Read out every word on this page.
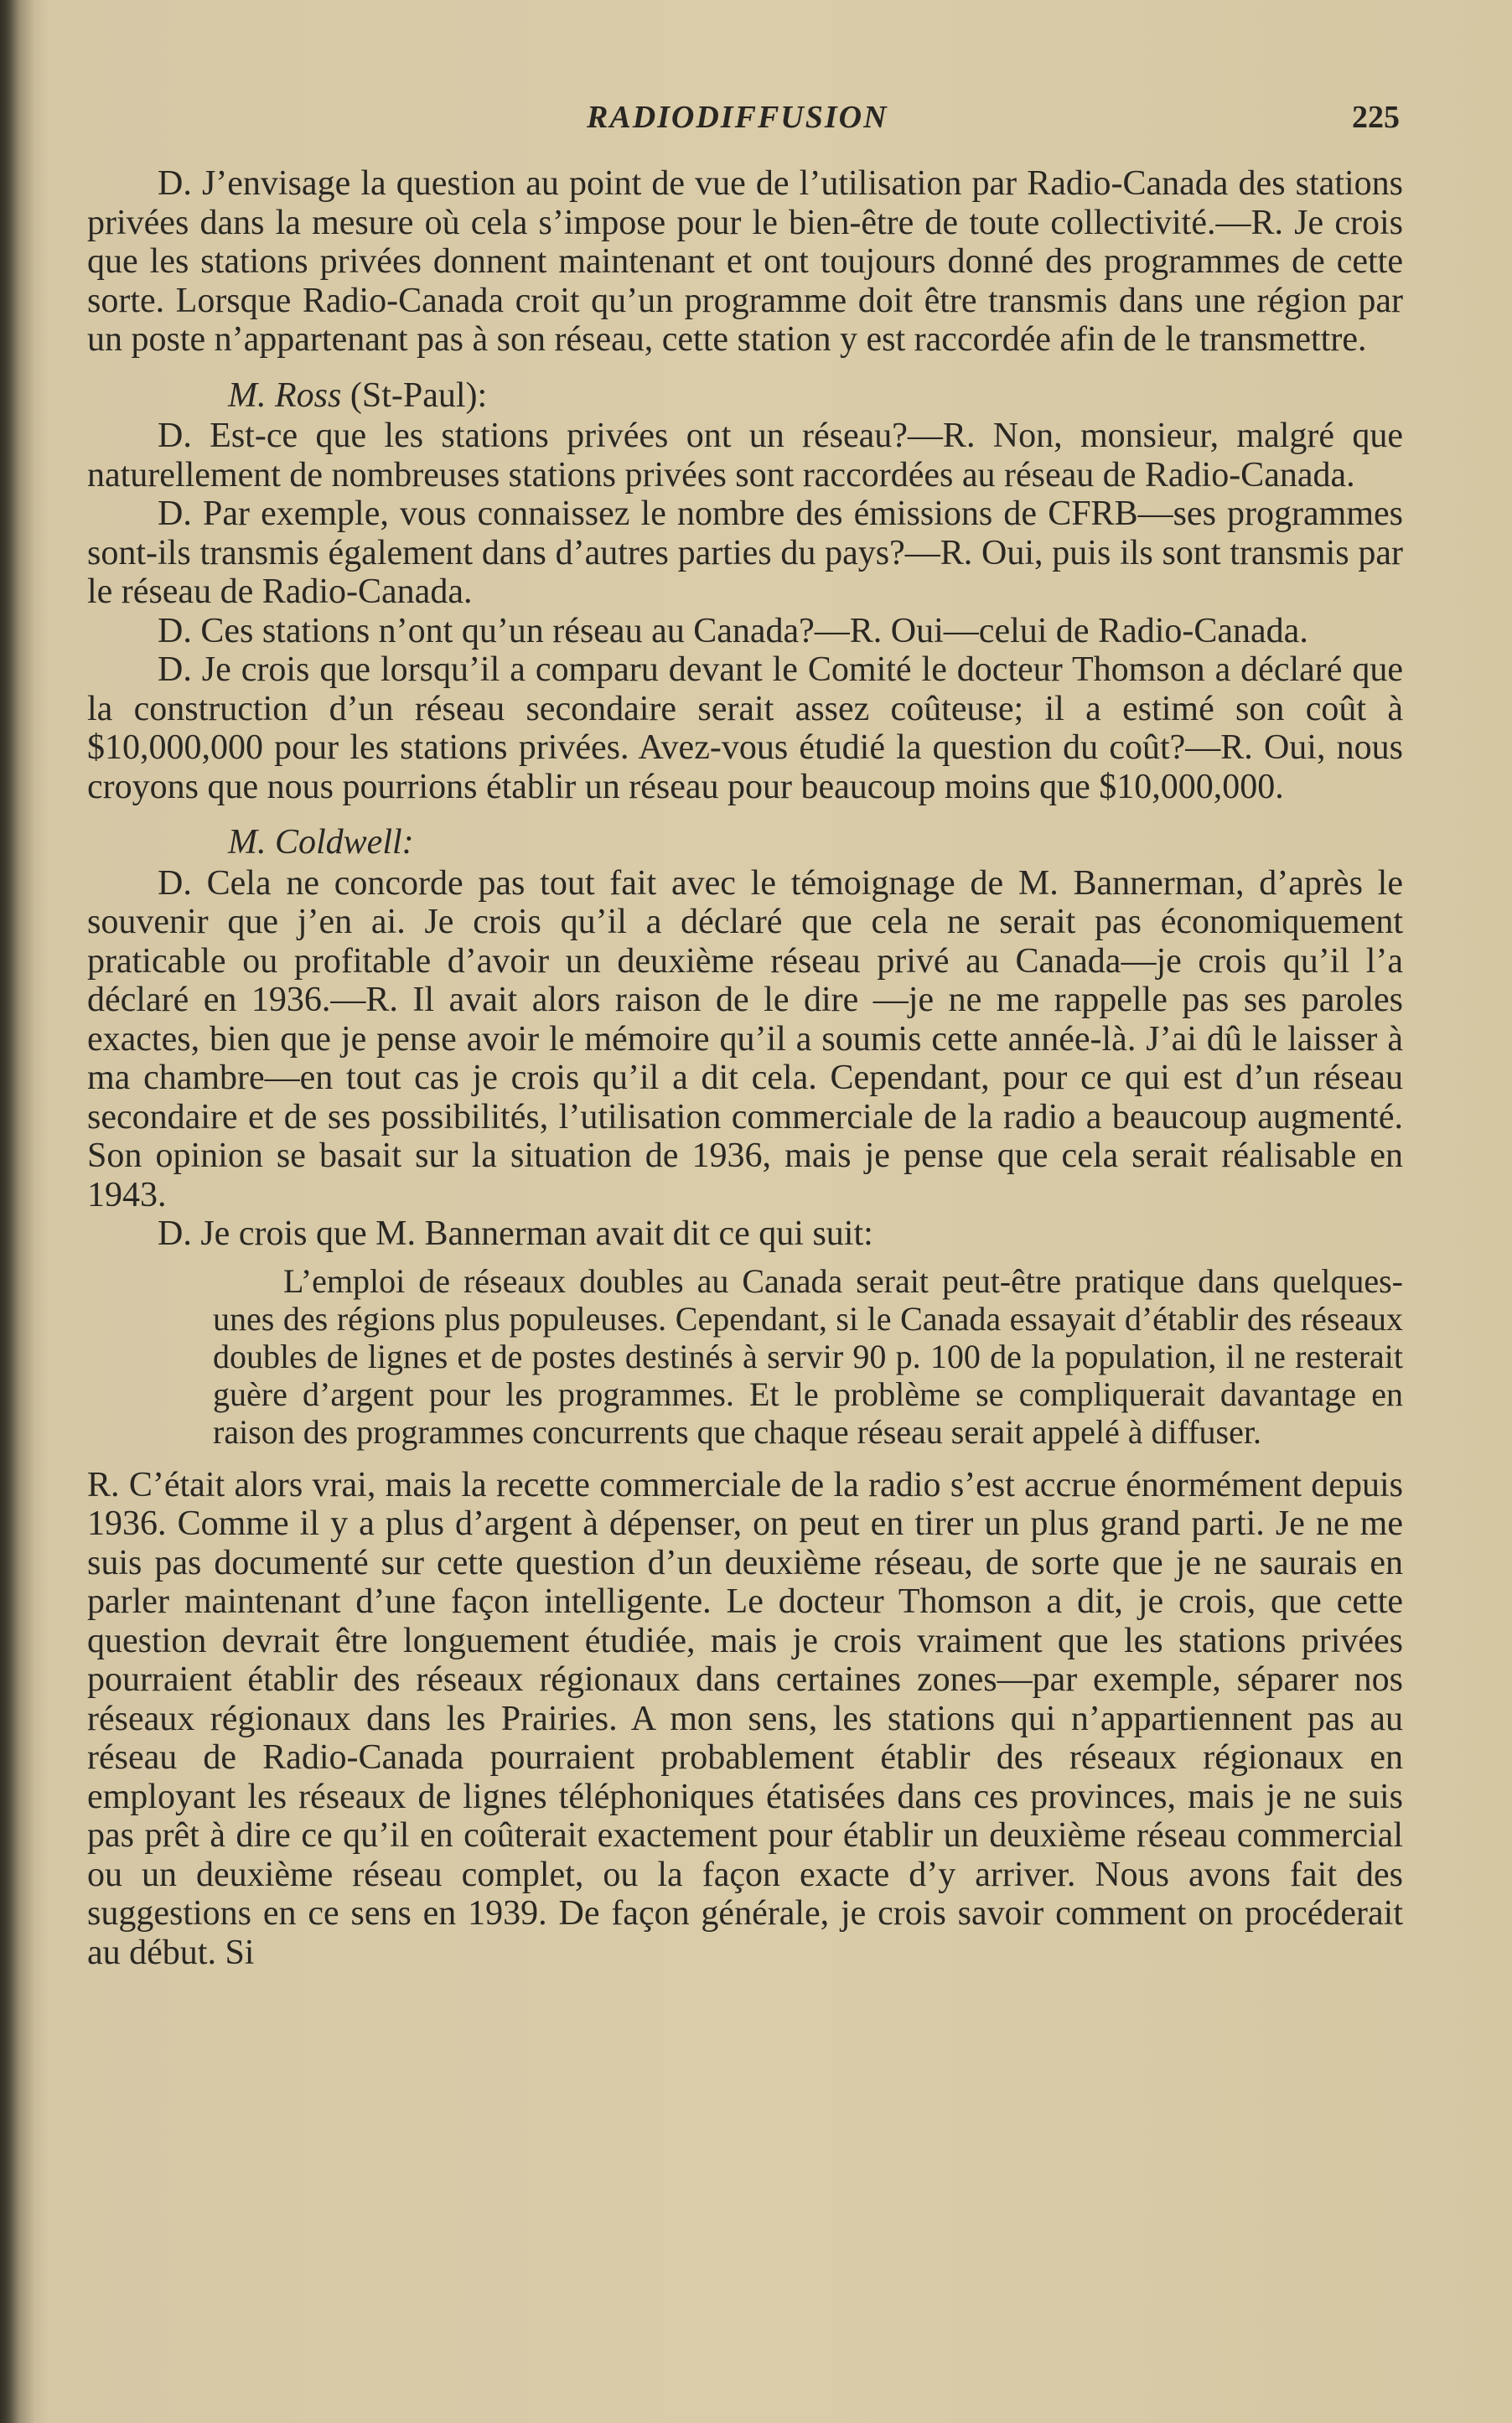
RADIODIFFUSION	225

D. J’envisage la question au point de vue de l’utilisation par Radio-Canada des stations privées dans la mesure où cela s’impose pour le bien-être de toute collectivité.—R. Je crois que les stations privées donnent maintenant et ont toujours donné des programmes de cette sorte. Lorsque Radio-Canada croit qu’un programme doit être transmis dans une région par un poste n’appartenant pas à son réseau, cette station y est raccordée afin de le transmettre.

M. Ross (St-Paul):

D. Est-ce que les stations privées ont un réseau?—R. Non, monsieur, malgré que naturellement de nombreuses stations privées sont raccordées au réseau de Radio-Canada.

D. Par exemple, vous connaissez le nombre des émissions de CFRB—ses programmes sont-ils transmis également dans d’autres parties du pays?—R. Oui, puis ils sont transmis par le réseau de Radio-Canada.

D. Ces stations n’ont qu’un réseau au Canada?—R. Oui—celui de Radio-Canada.

D. Je crois que lorsqu’il a comparu devant le Comité le docteur Thomson a déclaré que la construction d’un réseau secondaire serait assez coûteuse; il a estimé son coût à $10,000,000 pour les stations privées. Avez-vous étudié la question du coût?—R. Oui, nous croyons que nous pourrions établir un réseau pour beaucoup moins que $10,000,000.

M. Coldwell:

D. Cela ne concorde pas tout fait avec le témoignage de M. Bannerman, d’après le souvenir que j’en ai. Je crois qu’il a déclaré que cela ne serait pas économiquement praticable ou profitable d’avoir un deuxième réseau privé au Canada—je crois qu’il l’a déclaré en 1936.—R. Il avait alors raison de le dire —je ne me rappelle pas ses paroles exactes, bien que je pense avoir le mémoire qu’il a soumis cette année-là. J’ai dû le laisser à ma chambre—en tout cas je crois qu’il a dit cela. Cependant, pour ce qui est d’un réseau secondaire et de ses possibilités, l’utilisation commerciale de la radio a beaucoup augmenté. Son opinion se basait sur la situation de 1936, mais je pense que cela serait réalisable en 1943.

D. Je crois que M. Bannerman avait dit ce qui suit:

L’emploi de réseaux doubles au Canada serait peut-être pratique dans quelques-unes des régions plus populeuses. Cependant, si le Canada essayait d’établir des réseaux doubles de lignes et de postes destinés à servir 90 p. 100 de la population, il ne resterait guère d’argent pour les programmes. Et le problème se compliquerait davantage en raison des programmes concurrents que chaque réseau serait appelé à diffuser.

R. C’était alors vrai, mais la recette commerciale de la radio s’est accrue énormément depuis 1936. Comme il y a plus d’argent à dépenser, on peut en tirer un plus grand parti. Je ne me suis pas documenté sur cette question d’un deuxième réseau, de sorte que je ne saurais en parler maintenant d’une façon intelligente. Le docteur Thomson a dit, je crois, que cette question devrait être longuement étudiée, mais je crois vraiment que les stations privées pourraient établir des réseaux régionaux dans certaines zones—par exemple, séparer nos réseaux régionaux dans les Prairies. A mon sens, les stations qui n’appartiennent pas au réseau de Radio-Canada pourraient probablement établir des réseaux régionaux en employant les réseaux de lignes téléphoniques étatisées dans ces provinces, mais je ne suis pas prêt à dire ce qu’il en coûterait exactement pour établir un deuxième réseau commercial ou un deuxième réseau complet, ou la façon exacte d’y arriver. Nous avons fait des suggestions en ce sens en 1939. De façon générale, je crois savoir comment on procéderait au début. Si
